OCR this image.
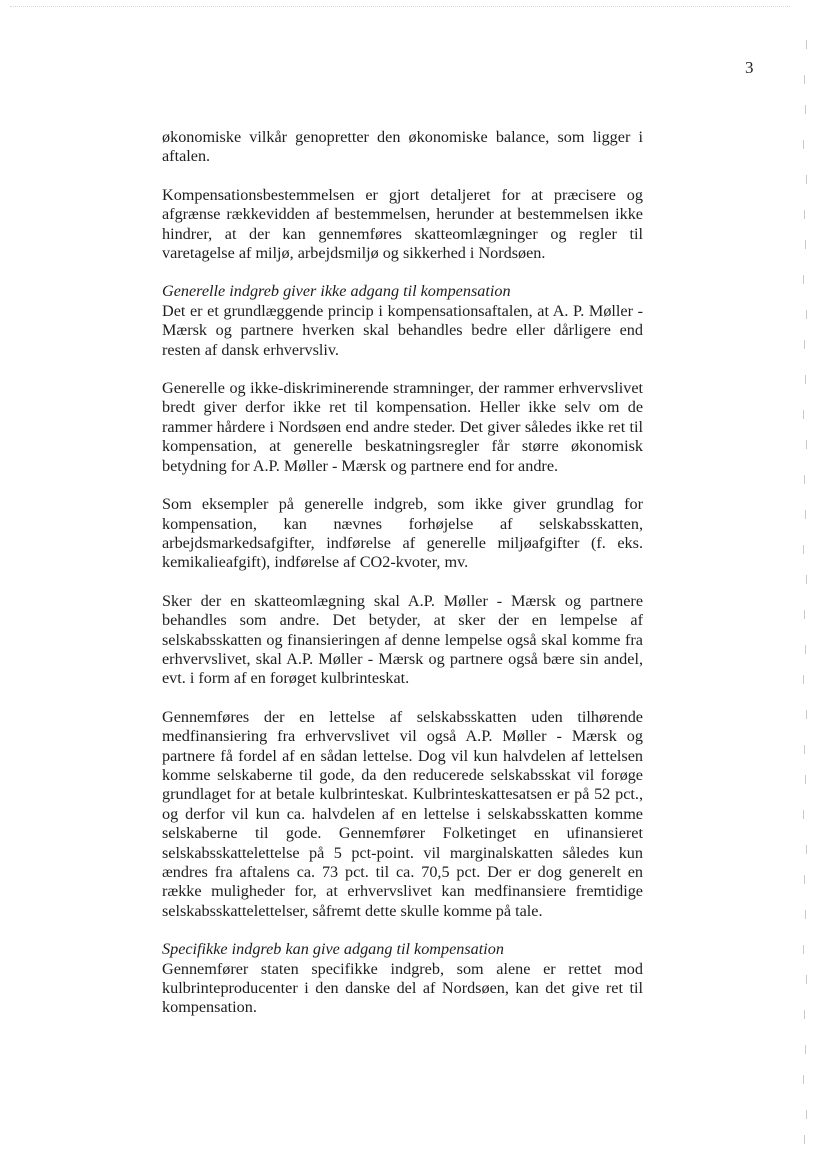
3

økonomiske vilkår genopretter den økonomiske balance, som ligger i aftalen.

Kompensationsbestemmelsen er gjort detaljeret for at præcisere og afgrænse rækkevidden af bestemmelsen, herunder at bestemmelsen ikke hindrer, at der kan gennemføres skatteomlægninger og regler til varetagelse af miljø, arbejdsmiljø og sikkerhed i Nordsøen.

Generelle indgreb giver ikke adgang til kompensation

Det er et grundlæggende princip i kompensationsaftalen, at A. P. Møller - Mærsk og partnere hverken skal behandles bedre eller dårligere end resten af dansk erhvervsliv.

Generelle og ikke-diskriminerende stramninger, der rammer erhvervslivet bredt giver derfor ikke ret til kompensation. Heller ikke selv om de rammer hårdere i Nordsøen end andre steder. Det giver således ikke ret til kompensation, at generelle beskatningsregler får større økonomisk betydning for A.P. Møller - Mærsk og partnere end for andre.

Som eksempler på generelle indgreb, som ikke giver grundlag for kompensation, kan nævnes forhøjelse af selskabsskatten, arbejdsmarkedsafgifter, indførelse af generelle miljøafgifter (f. eks. kemikalieafgift), indførelse af CO2-kvoter, mv.

Sker der en skatteomlægning skal A.P. Møller - Mærsk og partnere behandles som andre. Det betyder, at sker der en lempelse af selskabsskatten og finansieringen af denne lempelse også skal komme fra erhvervslivet, skal A.P. Møller - Mærsk og partnere også bære sin andel, evt. i form af en forøget kulbrinteskat.

Gennemføres der en lettelse af selskabsskatten uden tilhørende medfinansiering fra erhvervslivet vil også A.P. Møller - Mærsk og partnere få fordel af en sådan lettelse. Dog vil kun halvdelen af lettelsen komme selskaberne til gode, da den reducerede selskabsskat vil forøge grundlaget for at betale kulbrinteskat. Kulbrinteskattesatsen er på 52 pct., og derfor vil kun ca. halvdelen af en lettelse i selskabsskatten komme selskaberne til gode. Gennemfører Folketinget en ufinansieret selskabsskattelettelse på 5 pct-point. vil marginalskatten således kun ændres fra aftalens ca. 73 pct. til ca. 70,5 pct. Der er dog generelt en række muligheder for, at erhvervslivet kan medfinansiere fremtidige selskabsskattelettelser, såfremt dette skulle komme på tale.

Specifikke indgreb kan give adgang til kompensation

Gennemfører staten specifikke indgreb, som alene er rettet mod kulbrinteproducenter i den danske del af Nordsøen, kan det give ret til kompensation.
